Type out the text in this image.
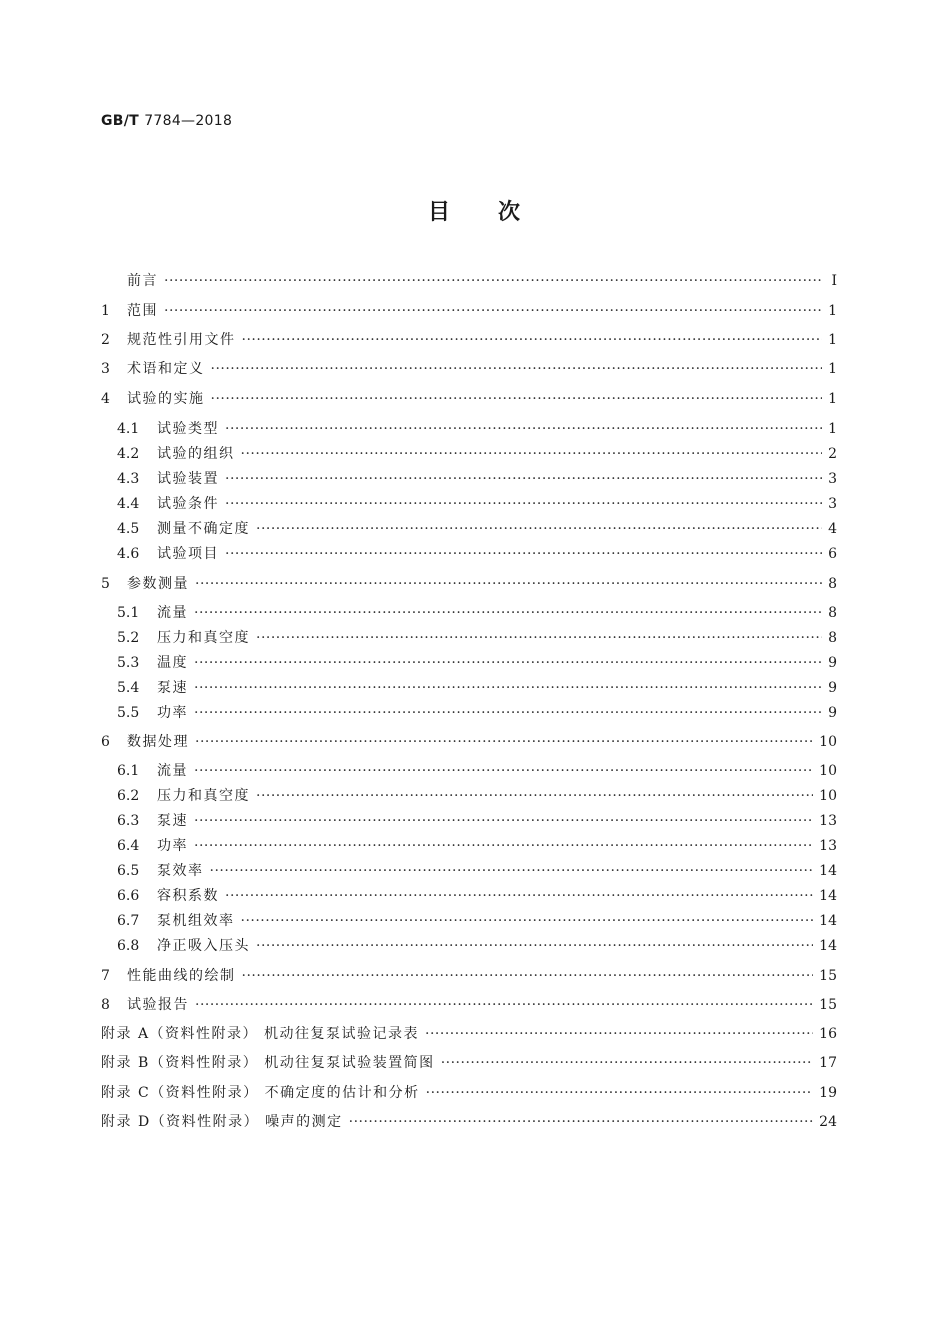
GB/T 7784—2018
目 次
前言 ·····	I
1	范围 ·····	1
2	规范性引用文件 ·····	1
3	术语和定义 ·····	1
4	试验的实施 ·····	1
4.1	试验类型 ·····	1
4.2	试验的组织 ·····	2
4.3	试验装置 ·····	3
4.4	试验条件 ·····	3
4.5	测量不确定度 ·····	4
4.6	试验项目 ·····	6
5	参数测量 ·····	8
5.1	流量 ·····	8
5.2	压力和真空度 ·····	8
5.3	温度 ·····	9
5.4	泵速 ·····	9
5.5	功率 ·····	9
6	数据处理 ·····	10
6.1	流量 ·····	10
6.2	压力和真空度 ·····	10
6.3	泵速 ·····	13
6.4	功率 ·····	13
6.5	泵效率 ·····	14
6.6	容积系数 ·····	14
6.7	泵机组效率 ·····	14
6.8	净正吸入压头 ·····	14
7	性能曲线的绘制 ·····	15
8	试验报告 ·····	15
附录 A（资料性附录） 机动往复泵试验记录表 ·····	16
附录 B（资料性附录） 机动往复泵试验装置简图 ·····	17
附录 C（资料性附录） 不确定度的估计和分析 ·····	19
附录 D（资料性附录） 噪声的测定 ·····	24
